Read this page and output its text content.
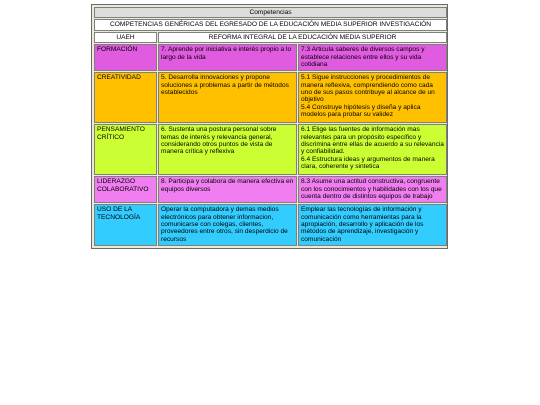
Competencias		
COMPETENCIAS GENÉRICAS DEL EGRESADO DE LA EDUCACIÓN MEDIA SUPERIOR INVESTIGACIÓN		
UAEH	REFORMA INTEGRAL DE LA EDUCACIÓN MEDIA SUPERIOR	
FORMACIÓN	7. Aprende por iniciativa e interés propio a lo largo de la vida	7.3 Articula saberes de diversos campos y establece relaciones entre ellos y su vida cotidiana

CREATIVIDAD	5. Desarrolla innovaciones y propone soluciones a problemas a partir de métodos establecidos	5.1 Sigue instrucciones y procedimientos de manera reflexiva, comprendiendo como cada uno de sus pasos contribuye al alcance de un objetivo
5.4 Construye hipótesis y diseña y aplica modelos para probar su validez

PENSAMIENTO CRÍTICO	6. Sustenta una postura personal sobre temas de interés y relevancia general, considerando otros puntos de vista de manera crítica y reflexiva	6.1 Elige las fuentes de información mas relevantes para un propósito específico y discrimina entre ellas de acuerdo a su relevancia y confiabilidad.
6.4 Estructura ideas y argumentos de manera clara, coherente y sintetica

LIDERAZGO COLABORATIVO	8. Participa y colabora de manera efectiva en equipos diversos	8.3 Asume una actitud constructiva, congruente con los conocimientos y habilidades con los que cuenta dentro de distintos equipos de trabajo

USO DE LA TECNOLOGÍA	Operar la computadora y demas medios electrónicos para obtener informacion, comunicarse con colegas, clientes, proveedores entre otros, sin desperdicio de recursos	Emplear las tecnologías de información y comunicación como herramientas para la apropiación, desarrollo y aplicación de los métodos de aprendizaje, investigación y comunicación
